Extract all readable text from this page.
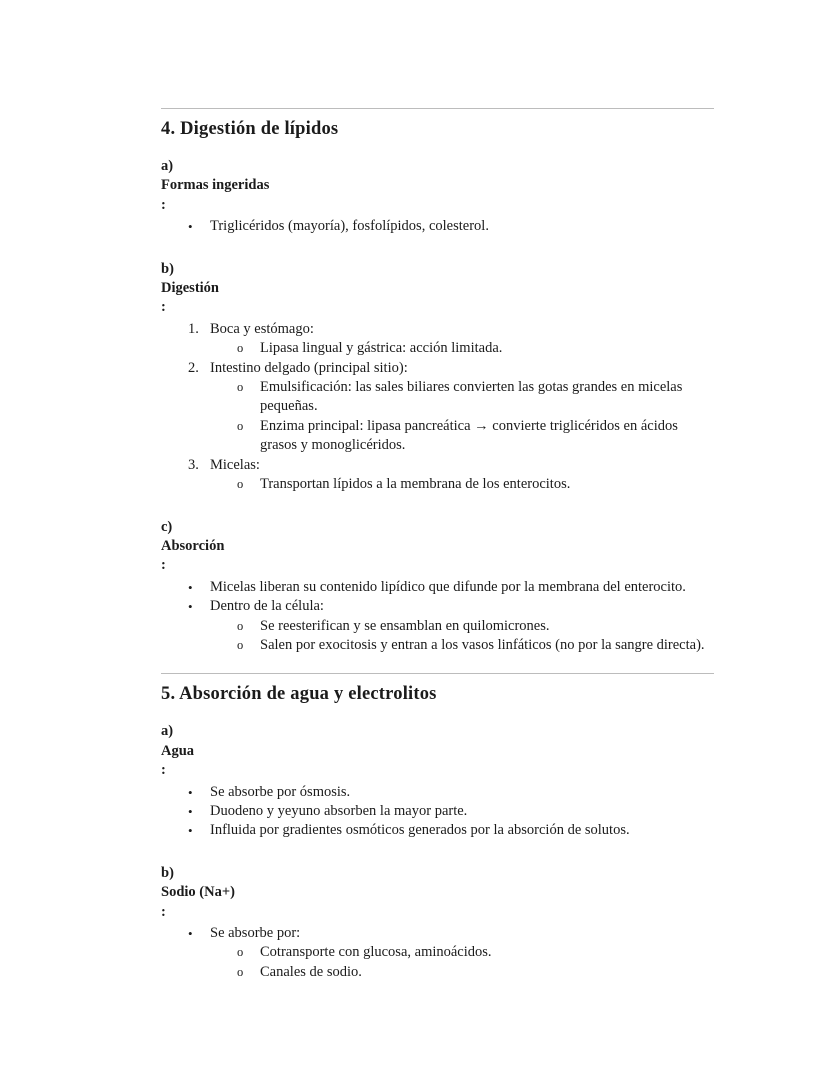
4. Digestión de lípidos
a)
Formas ingeridas
:
•	Triglicéridos (mayoría), fosfolípidos, colesterol.
b)
Digestión
:
1. Boca y estómago:
o	Lipasa lingual y gástrica: acción limitada.
2. Intestino delgado (principal sitio):
o	Emulsificación: las sales biliares convierten las gotas grandes en micelas pequeñas.
o	Enzima principal: lipasa pancreática → convierte triglicéridos en ácidos grasos y monoglicéridos.
3. Micelas:
o	Transportan lípidos a la membrana de los enterocitos.
c)
Absorción
:
•	Micelas liberan su contenido lipídico que difunde por la membrana del enterocito.
•	Dentro de la célula:
o	Se reesterifican y se ensamblan en quilomicrones.
o	Salen por exocitosis y entran a los vasos linfáticos (no por la sangre directa).
5. Absorción de agua y electrolitos
a)
Agua
:
•	Se absorbe por ósmosis.
•	Duodeno y yeyuno absorben la mayor parte.
•	Influida por gradientes osmóticos generados por la absorción de solutos.
b)
Sodio (Na+)
:
•	Se absorbe por:
o	Cotransporte con glucosa, aminoácidos.
o	Canales de sodio.
